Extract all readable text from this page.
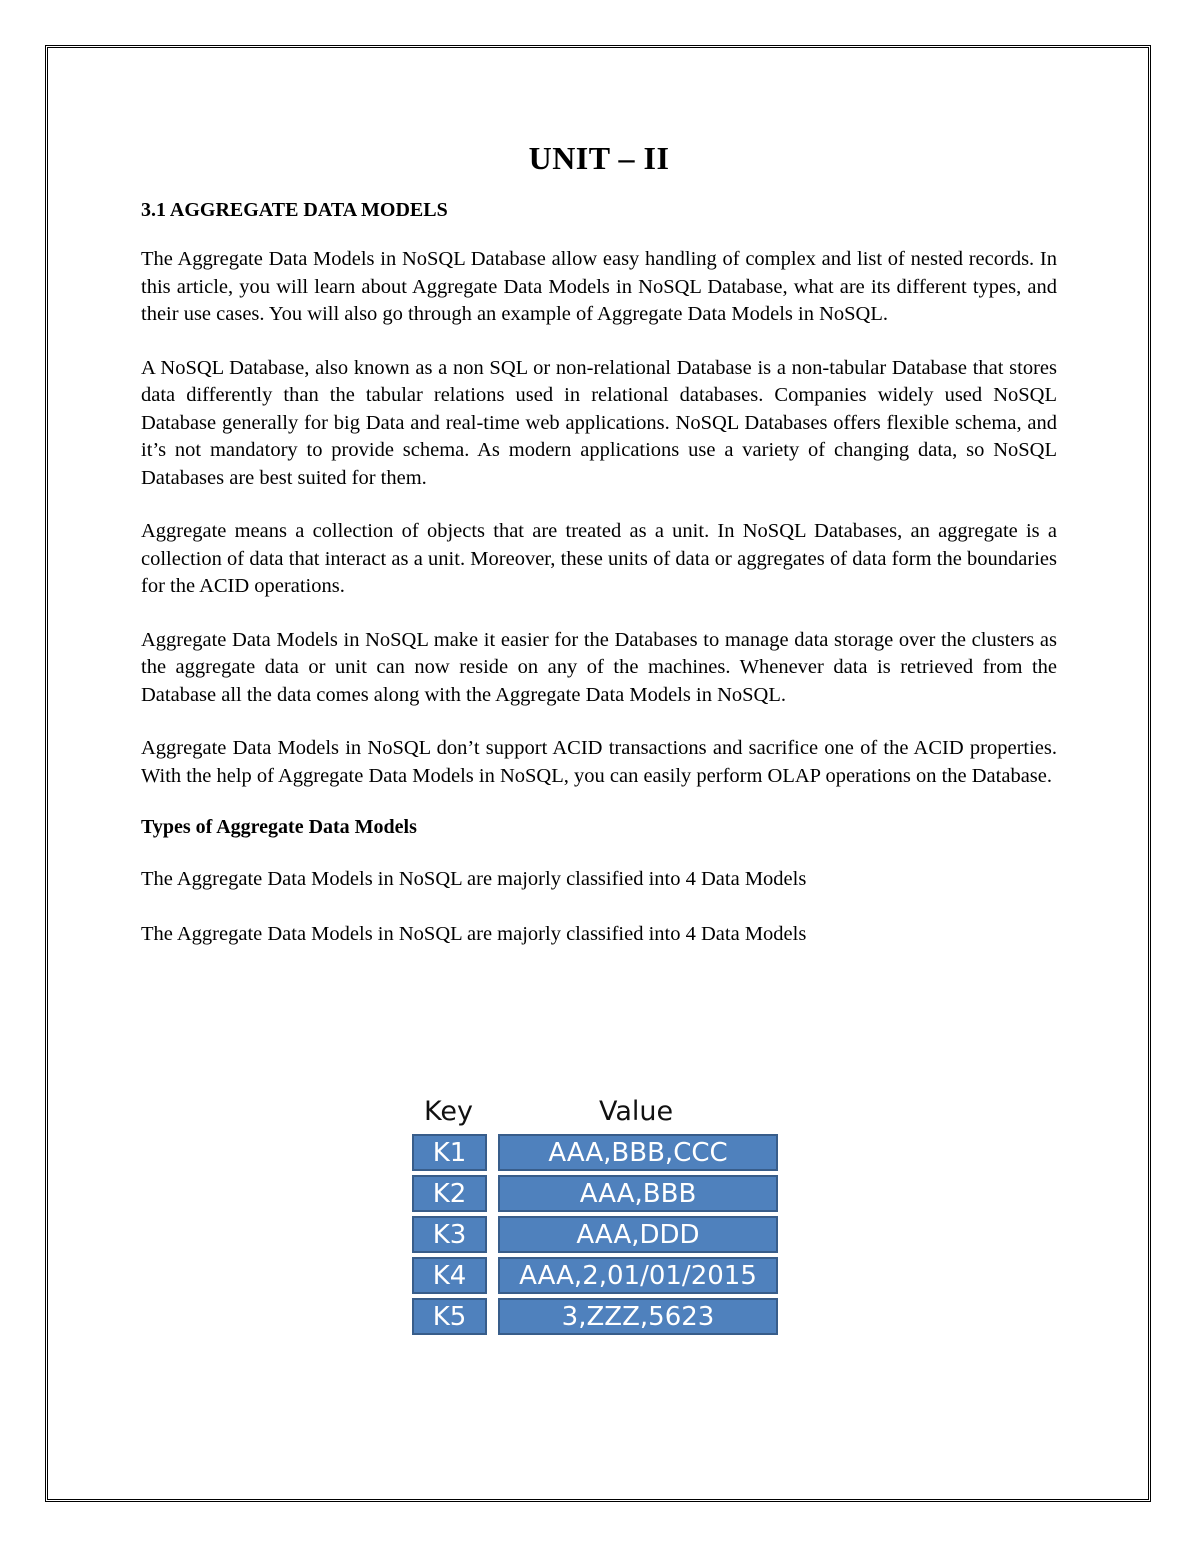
UNIT – II
3.1 AGGREGATE DATA MODELS

The Aggregate Data Models in NoSQL Database allow easy handling of complex and list of nested records. In this article, you will learn about Aggregate Data Models in NoSQL Database, what are its different types, and their use cases. You will also go through an example of Aggregate Data Models in NoSQL.

A NoSQL Database, also known as a non SQL or non-relational Database is a non-tabular Database that stores data differently than the tabular relations used in relational databases. Companies widely used NoSQL Database generally for big Data and real-time web applications. NoSQL Databases offers flexible schema, and it’s not mandatory to provide schema. As modern applications use a variety of changing data, so NoSQL Databases are best suited for them.

Aggregate means a collection of objects that are treated as a unit. In NoSQL Databases, an aggregate is a collection of data that interact as a unit. Moreover, these units of data or aggregates of data form the boundaries for the ACID operations.

Aggregate Data Models in NoSQL make it easier for the Databases to manage data storage over the clusters as the aggregate data or unit can now reside on any of the machines. Whenever data is retrieved from the Database all the data comes along with the Aggregate Data Models in NoSQL.

Aggregate Data Models in NoSQL don’t support ACID transactions and sacrifice one of the ACID properties. With the help of Aggregate Data Models in NoSQL, you can easily perform OLAP operations on the Database.

Types of Aggregate Data Models

The Aggregate Data Models in NoSQL are majorly classified into 4 Data Models

The Aggregate Data Models in NoSQL are majorly classified into 4 Data Models

Key	Value
K1	AAA,BBB,CCC
K2	AAA,BBB
K3	AAA,DDD
K4	AAA,2,01/01/2015
K5	3,ZZZ,5623
